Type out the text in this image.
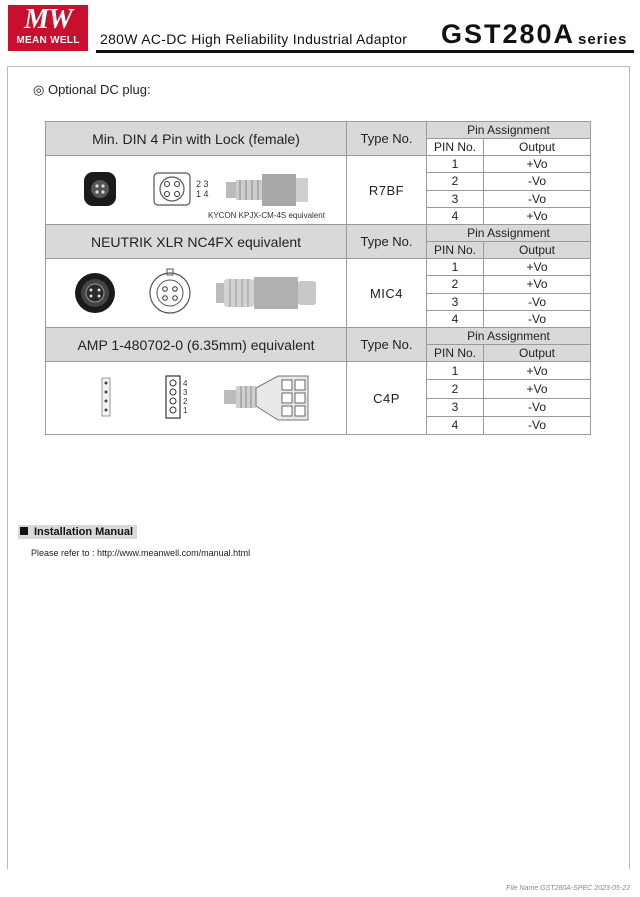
MW
MEAN WELL	280W AC-DC High Reliability Industrial Adaptor GST280A series
◎ Optional DC plug:
Min. DIN 4 Pin with Lock (female)	Type No.	Pin Assignment	
		PIN No.	Output

2 3
1 4
KYCON KPJX-CM-4S equivalent	R7BF	1	+Vo
		2	-Vo
		3	-Vo
		4	+Vo
NEUTRIK XLR NC4FX equivalent	Type No.	Pin Assignment	
		PIN No.	Output

	MIC4	1	+Vo
		2	+Vo
		3	-Vo
		4	-Vo
AMP 1-480702-0 (6.35mm) equivalent	Type No.	Pin Assignment	
		PIN No.	Output

4
3
2
1	C4P	1	+Vo
		2	+Vo
		3	-Vo
		4	-Vo
Installation Manual
Please refer to : http://www.meanwell.com/manual.html
File Name:GST280A-SPEC 2023-05-22
